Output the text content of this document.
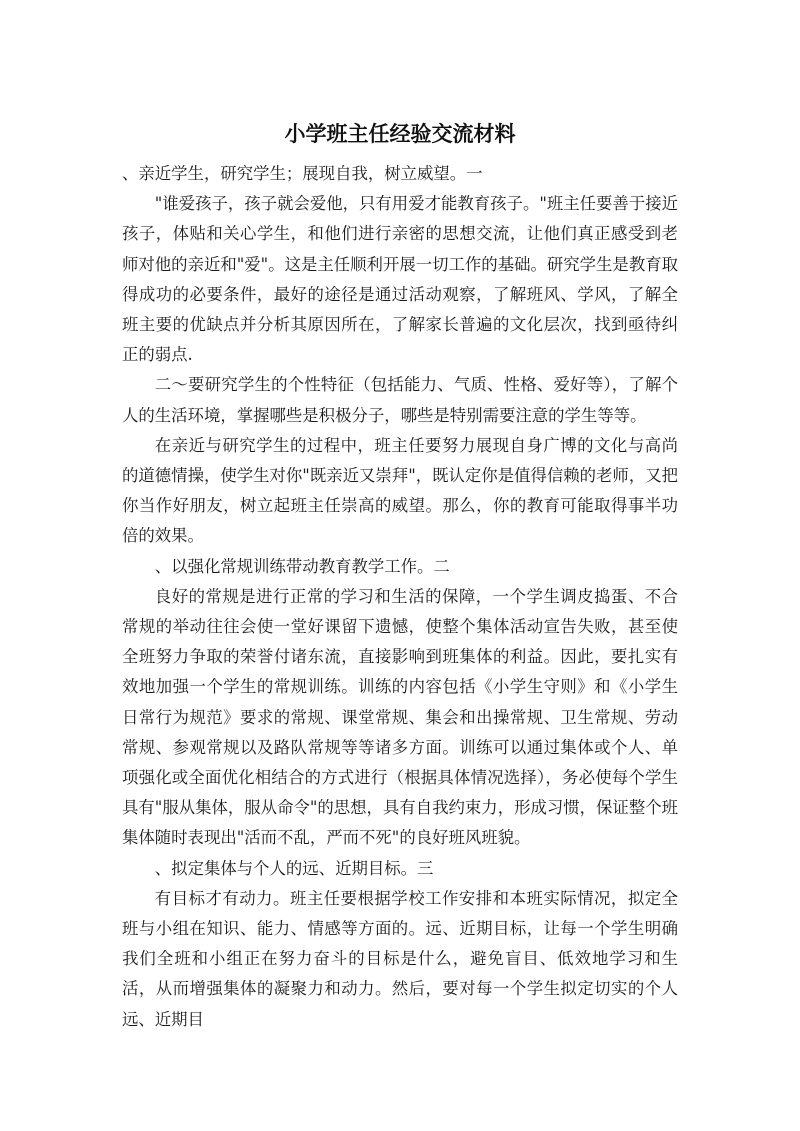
小学班主任经验交流材料

、亲近学生，研究学生；展现自我，树立威望。一

"谁爱孩子，孩子就会爱他，只有用爱才能教育孩子。"班主任要善于接近孩子，体贴和关心学生，和他们进行亲密的思想交流，让他们真正感受到老师对他的亲近和"爱"。这是主任顺利开展一切工作的基础。研究学生是教育取得成功的必要条件，最好的途径是通过活动观察，了解班风、学风，了解全班主要的优缺点并分析其原因所在，了解家长普遍的文化层次，找到亟待纠正的弱点.

二～要研究学生的个性特征（包括能力、气质、性格、爱好等），了解个人的生活环境，掌握哪些是积极分子，哪些是特别需要注意的学生等等。

在亲近与研究学生的过程中，班主任要努力展现自身广博的文化与高尚的道德情操，使学生对你"既亲近又崇拜"，既认定你是值得信赖的老师，又把你当作好朋友，树立起班主任崇高的威望。那么，你的教育可能取得事半功倍的效果。

、以强化常规训练带动教育教学工作。二

良好的常规是进行正常的学习和生活的保障，一个学生调皮捣蛋、不合常规的举动往往会使一堂好课留下遗憾，使整个集体活动宣告失败，甚至使全班努力争取的荣誉付诸东流，直接影响到班集体的利益。因此，要扎实有效地加强一个学生的常规训练。训练的内容包括《小学生守则》和《小学生日常行为规范》要求的常规、课堂常规、集会和出操常规、卫生常规、劳动常规、参观常规以及路队常规等等诸多方面。训练可以通过集体或个人、单项强化或全面优化相结合的方式进行（根据具体情况选择），务必使每个学生具有"服从集体，服从命令"的思想，具有自我约束力，形成习惯，保证整个班集体随时表现出"活而不乱，严而不死"的良好班风班貌。

、拟定集体与个人的远、近期目标。三

有目标才有动力。班主任要根据学校工作安排和本班实际情况，拟定全班与小组在知识、能力、情感等方面的。远、近期目标，让每一个学生明确我们全班和小组正在努力奋斗的目标是什么，避免盲目、低效地学习和生活，从而增强集体的凝聚力和动力。然后，要对每一个学生拟定切实的个人远、近期目
